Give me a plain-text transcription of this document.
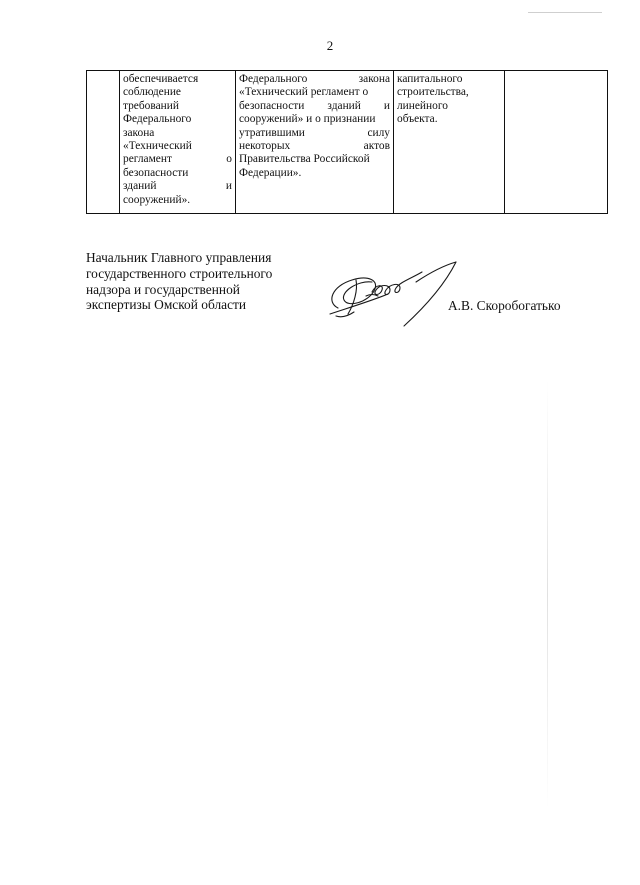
2

обеспечивается
соблюдение
требований
Федерального
закона
«Технический
регламент	о
безопасности
зданий	и
сооружений».

Федерального	закона
«Технический регламент о
безопасности зданий и
сооружений» и о признании
утратившими	силу
некоторых	актов
Правительства Российской
Федерации».

капитального
строительства,
линейного
объекта.

Начальник Главного управления
государственного строительного
надзора и государственной
экспертизы Омской области	А.В. Скоробогатько
